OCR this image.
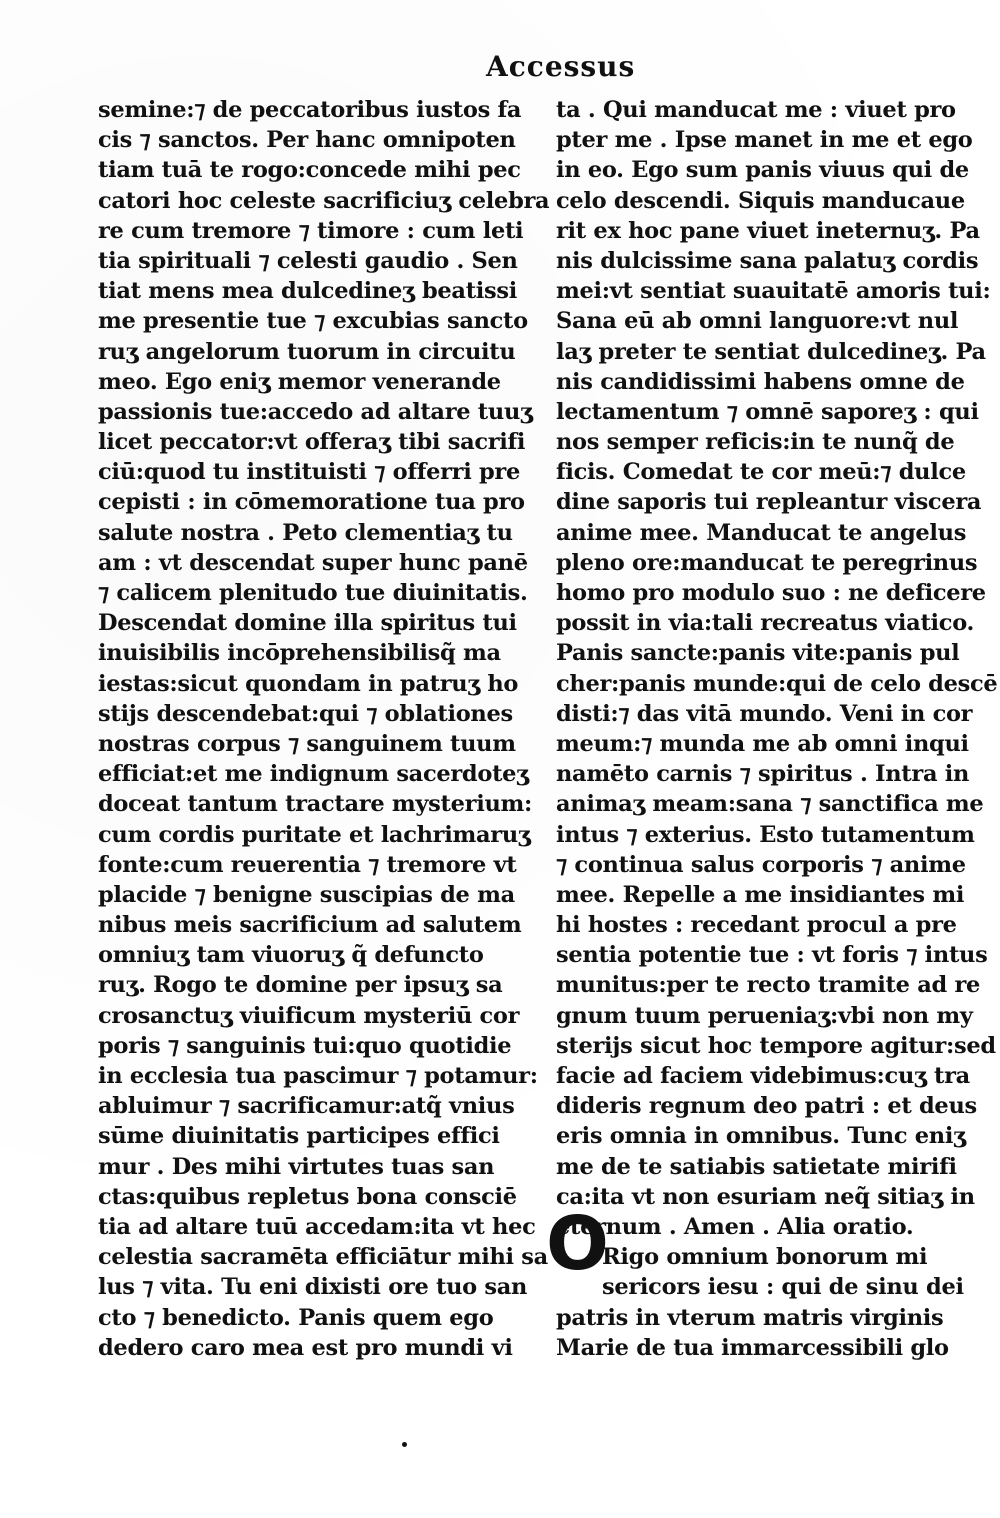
Accessus
semine:⁊ de peccatoribus iustos fa
cis ⁊ sanctos. Per hanc omnipoten
tiam tuā te rogo:concede mihi pec
catori hoc celeste sacrificiuʒ celebra
re cum tremore ⁊ timore : cum leti
tia spirituali ⁊ celesti gaudio . Sen
tiat mens mea dulcedineʒ beatissi
me presentie tue ⁊ excubias sancto
ruʒ angelorum tuorum in circuitu
meo. Ego eniʒ memor venerande
passionis tue:accedo ad altare tuuʒ
licet peccator:vt offeraʒ tibi sacrifi
ciū:quod tu instituisti ⁊ offerri pre
cepisti : in cōmemoratione tua pro
salute nostra . Peto clementiaʒ tu
am : vt descendat super hunc panē
⁊ calicem plenitudo tue diuinitatis.
Descendat domine illa spiritus tui
inuisibilis incōprehensibilisq̃ ma
iestas:sicut quondam in patruʒ ho
stijs descendebat:qui ⁊ oblationes
nostras corpus ⁊ sanguinem tuum
efficiat:et me indignum sacerdoteʒ
doceat tantum tractare mysterium:
cum cordis puritate et lachrimaruʒ
fonte:cum reuerentia ⁊ tremore vt
placide ⁊ benigne suscipias de ma
nibus meis sacrificium ad salutem
omniuʒ tam viuoruʒ q̃ defuncto
ruʒ. Rogo te domine per ipsuʒ sa
crosanctuʒ viuificum mysteriū cor
poris ⁊ sanguinis tui:quo quotidie
in ecclesia tua pascimur ⁊ potamur:
abluimur ⁊ sacrificamur:atq̃ vnius
sūme diuinitatis participes effici
mur . Des mihi virtutes tuas san
ctas:quibus repletus bona consciē
tia ad altare tuū accedam:ita vt hec
celestia sacramēta efficiātur mihi sa
lus ⁊ vita. Tu eni dixisti ore tuo san
cto ⁊ benedicto. Panis quem ego
dedero caro mea est pro mundi vi
ta . Qui manducat me : viuet pro
pter me . Ipse manet in me et ego
in eo. Ego sum panis viuus qui de
celo descendi. Siquis manducaue
rit ex hoc pane viuet ineternuʒ. Pa
nis dulcissime sana palatuʒ cordis
mei:vt sentiat suauitatē amoris tui:
Sana eū ab omni languore:vt nul
laʒ preter te sentiat dulcedineʒ. Pa
nis candidissimi habens omne de
lectamentum ⁊ omnē saporeʒ : qui
nos semper reficis:in te nunq̃ de
ficis. Comedat te cor meū:⁊ dulce
dine saporis tui repleantur viscera
anime mee. Manducat te angelus
pleno ore:manducat te peregrinus
homo pro modulo suo : ne deficere
possit in via:tali recreatus viatico.
Panis sancte:panis vite:panis pul
cher:panis munde:qui de celo descē
disti:⁊ das vitā mundo. Veni in cor
meum:⁊ munda me ab omni inqui
namēto carnis ⁊ spiritus . Intra in
animaʒ meam:sana ⁊ sanctifica me
intus ⁊ exterius. Esto tutamentum
⁊ continua salus corporis ⁊ anime
mee. Repelle a me insidiantes mi
hi hostes : recedant procul a pre
sentia potentie tue : vt foris ⁊ intus
munitus:per te recto tramite ad re
gnum tuum perueniaʒ:vbi non my
sterijs sicut hoc tempore agitur:sed
facie ad faciem videbimus:cuʒ tra
dideris regnum deo patri : et deus
eris omnia in omnibus. Tunc eniʒ
me de te satiabis satietate mirifi
ca:ita vt non esuriam neq̃ sitiaʒ in
eternum . Amen . Alia oratio.
Rigo omnium bonorum mi
sericors iesu : qui de sinu dei
patris in vterum matris virginis
Marie de tua immarcessibili glo
O
